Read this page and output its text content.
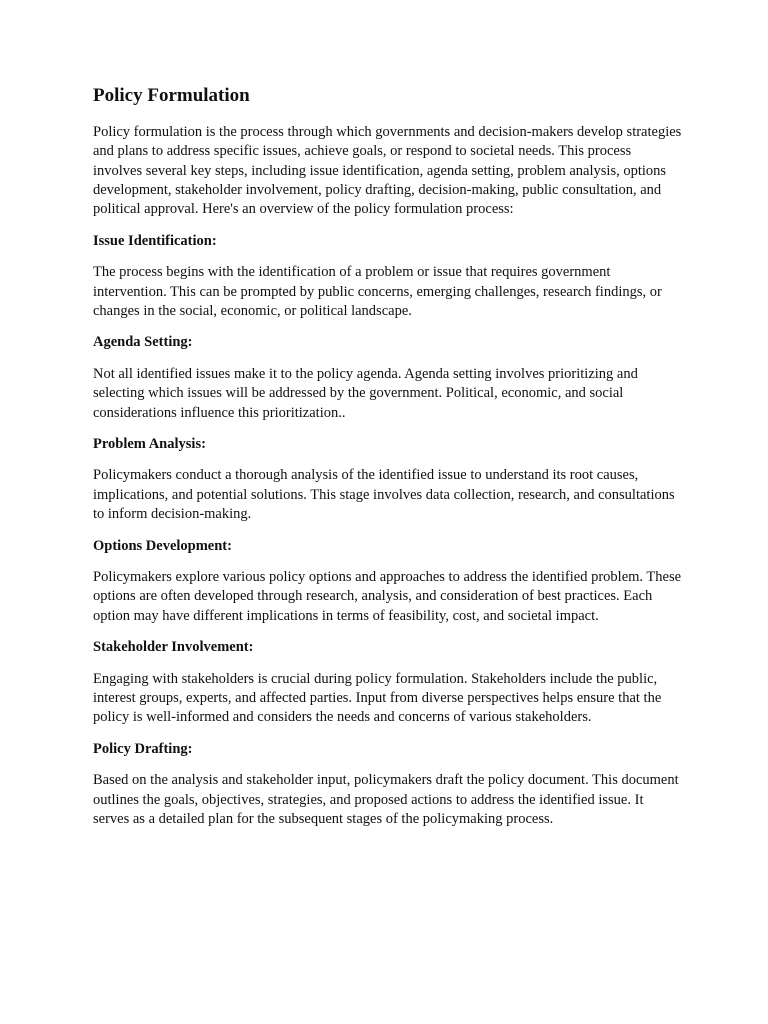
Policy Formulation

Policy formulation is the process through which governments and decision-makers develop strategies and plans to address specific issues, achieve goals, or respond to societal needs. This process involves several key steps, including issue identification, agenda setting, problem analysis, options development, stakeholder involvement, policy drafting, decision-making, public consultation, and political approval. Here's an overview of the policy formulation process:

Issue Identification:

The process begins with the identification of a problem or issue that requires government intervention. This can be prompted by public concerns, emerging challenges, research findings, or changes in the social, economic, or political landscape.

Agenda Setting:

Not all identified issues make it to the policy agenda. Agenda setting involves prioritizing and selecting which issues will be addressed by the government. Political, economic, and social considerations influence this prioritization..

Problem Analysis:

Policymakers conduct a thorough analysis of the identified issue to understand its root causes, implications, and potential solutions. This stage involves data collection, research, and consultations to inform decision-making.

Options Development:

Policymakers explore various policy options and approaches to address the identified problem. These options are often developed through research, analysis, and consideration of best practices. Each option may have different implications in terms of feasibility, cost, and societal impact.

Stakeholder Involvement:

Engaging with stakeholders is crucial during policy formulation. Stakeholders include the public, interest groups, experts, and affected parties. Input from diverse perspectives helps ensure that the policy is well-informed and considers the needs and concerns of various stakeholders.

Policy Drafting:

Based on the analysis and stakeholder input, policymakers draft the policy document. This document outlines the goals, objectives, strategies, and proposed actions to address the identified issue. It serves as a detailed plan for the subsequent stages of the policymaking process.
